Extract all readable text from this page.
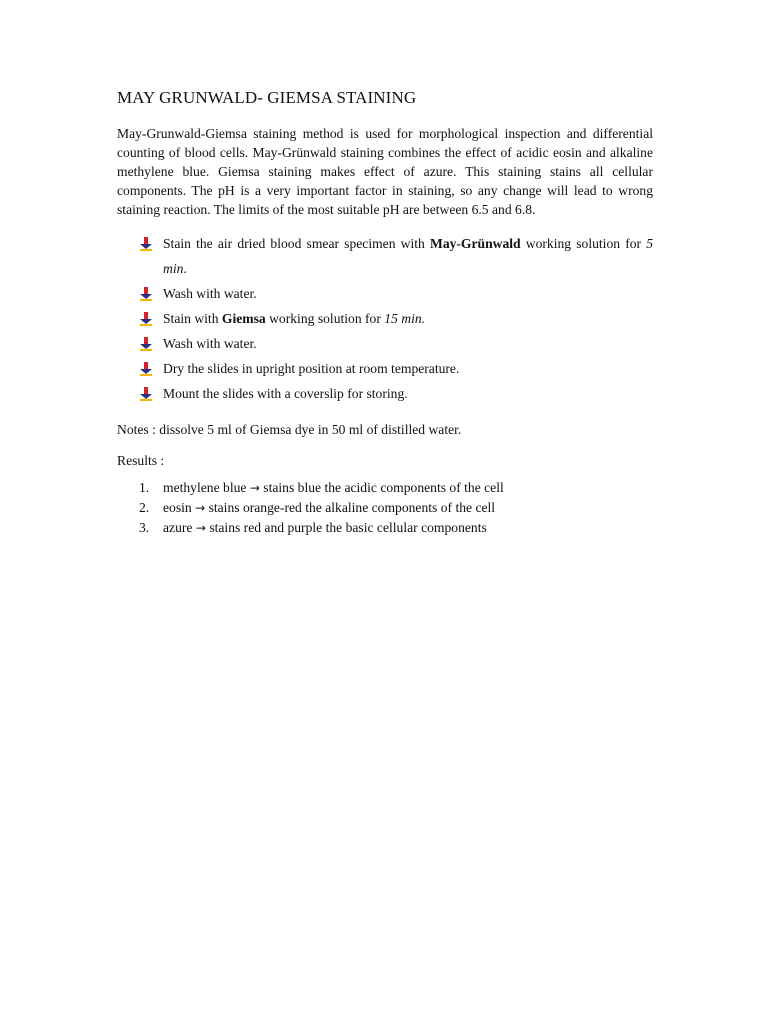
MAY GRUNWALD- GIEMSA STAINING

May-Grunwald-Giemsa staining method is used for morphological inspection and differential counting of blood cells. May-Grünwald staining combines the effect of acidic eosin and alkaline methylene blue. Giemsa staining makes effect of azure. This staining stains all cellular components. The pH is a very important factor in staining, so any change will lead to wrong staining reaction. The limits of the most suitable pH are between 6.5 and 6.8.

Stain the air dried blood smear specimen with May-Grünwald working solution for 5 min.
Wash with water.
Stain with Giemsa working solution for 15 min.
Wash with water.
Dry the slides in upright position at room temperature.
Mount the slides with a coverslip for storing.

Notes : dissolve 5 ml of Giemsa dye in 50 ml of distilled water.

Results :

1. methylene blue → stains blue the acidic components of the cell
2. eosin → stains orange-red the alkaline components of the cell
3. azure → stains red and purple the basic cellular components
